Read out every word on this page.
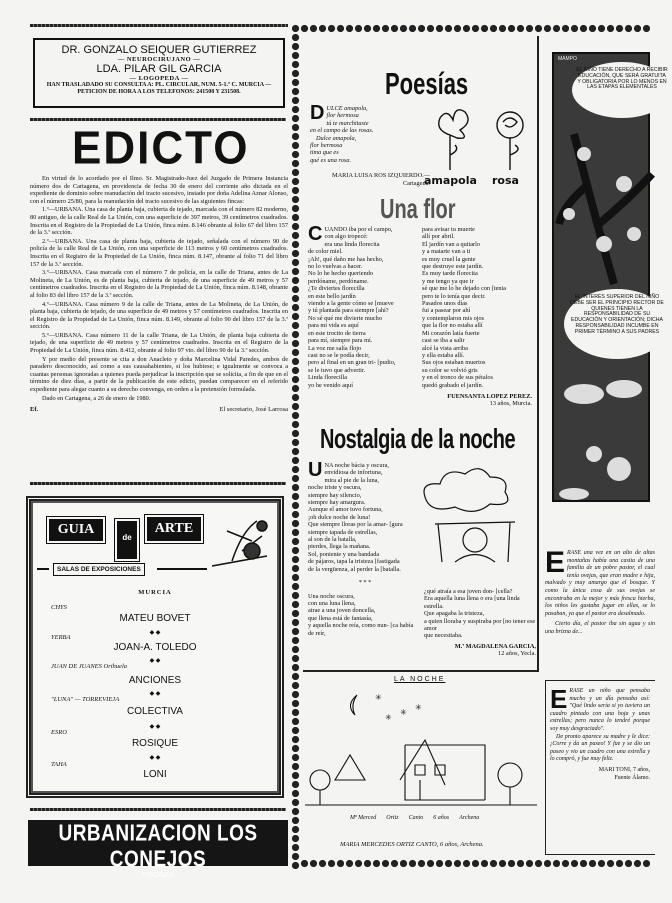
DR. GONZALO SEIQUER GUTIERREZ
— NEUROCIRUJANO —
LDA. PILAR GIL GARCIA
— LOGOPEDA —
HAN TRASLADADO SU CONSULTA A: PL. CIRCULAR, NUM. 5-1.º C. MURCIA — PETICION DE HORA A LOS TELEFONOS: 241508 Y 231508.
EDICTO

En virtud de lo acordado por el Ilmo. Sr. Magistrado-Juez del Juzgado de Primera Instancia número dos de Cartagena, en providencia de fecha 30 de enero del corriente año dictada en el expediente de dominio sobre reanudación del tracto sucesivo, instado por doña Adelina Aznar Alonso, con el número 25/80, para la reanudación del tracto sucesivo de las siguientes fincas:

1.º—URBANA. Una casa de planta baja, cubierta de tejado, marcada con el número 82 moderno, 80 antiguo, de la calle Real de La Unión, con una superficie de 397 metros, 39 centímetros cuadrados. Inscrita en el Registro de la Propiedad de La Unión, finca núm. 8.146 obrante al folio 67 del libro 157 de la 3.ª sección.

2.º—URBANA. Una casa de planta baja, cubierta de tejado, señalada con el número 90 de policía de la calle Real de La Unión, con una superficie de 113 metros y 60 centímetros cuadrados. Inscrita en el Registro de la Propiedad de La Unión, finca núm. 8.147, obrante al folio 71 del libro 157 de la 3.ª sección.

3.º—URBANA. Casa marcada con el número 7 de policía, en la calle de Triana, antes de La Molineta, de La Unión, es de planta baja, cubierta de tejado, de una superficie de 49 metros y 57 centímetros cuadrados. Inscrita en el Registro de la Propiedad de La Unión, finca núm. 8.148, obrante al folio 83 del libro 157 de la 3.ª sección.

4.º—URBANA. Casa número 9 de la calle de Triana, antes de La Molineta, de La Unión, de planta baja, cubierta de tejado, de una superficie de 49 metros y 57 centímetros cuadrados. Inscrita en el Registro de la Propiedad de La Unión, finca núm. 8.149, obrante al folio 90 del libro 157 de la 3.ª sección.

5.º—URBANA. Casa número 11 de la calle Triana, de La Unión, de planta baja cubierta de tejado, de una superficie de 49 metros y 57 centímetros cuadrados. Inscrita en el Registro de la Propiedad de La Unión, finca núm. 8.412, obrante al folio 97 vto. del libro 90 de la 3.ª sección.

Y por medio del presente se cita a don Anacleto y doña Marcelina Vidal Paredes, ambos de paradero desconocido, así como a sus causahabientes, si los hubiese; e igualmente se convoca a cuantas personas ignoradas a quienes pueda perjudicar la inscripción que se solicita, a fin de que en el término de diez días, a partir de la publicación de este edicto, puedan comparecer en el referido expediente para alegar cuanto a su derecho convenga, en orden a la pretensión formulada.

Dado en Cartagena, a 26 de enero de 1980.

Ef.	El secretario, José Larrosa
GUIA
de
ARTE
SALAS DE EXPOSICIONES
MURCIA
CHYS
MATEU BOVET
◆ ◆
YERBA
JOAN-A. TOLEDO
◆ ◆
JUAN DE JUANES Orihuela
ANCIONES
◆ ◆
"LUNA" — TORREVIEJA
COLECTIVA
◆ ◆
ESRO
ROSIQUE
◆ ◆
TAHA
LONI
URBANIZACION LOS CONEJOS
PISCINAS
Poesías
D ULCE amapola,
flor hermosa
tú te marchitaste
en el campo de las rosas.
Dulce amapola,
flor hermosa
tima que es
qué es una rosa.
MARIA LUISA ROS IZQUIERDO.—Cartagena.
amapola rosa
Una flor
C UANDO iba por el campo,
con algo tropecé:
era una linda florecita
de color miel.
¡Ah!, qué daño me has hecho,
no lo vuelvas a hacer.
No lo he hecho queriendo
perdóname, perdóname.
¿Te diviertes florecilla
en este bello jardín
viendo a la gente cómo se [mueve
y tú plantada para siempre [ahí?
No sé qué me divierte mucho
para mi vida es aquí
en este trocito de tierra
para mí, siempre para mí.
La voz me salía flojo
casi no se le podía decir,
pero al final en un gran tri- [pudio,
se le tuvo que advertir.
Linda florecilla
yo he venido aquí
para avisar tu muerte
allí por abril.
El jardín van a quitarlo
y a matarte van a ti
es muy cruel la gente
que destruye este jardín.
Es muy tarde florecita
y me tengo ya que ir
sé que me lo he dejado con [tenia
pero te lo tenía que decir.
Pasados unos días
fui a pasear por ahí
y contemplaron mis ojos
que la flor no estaba allí
Mi corazón latía fuerte
casi se iba a salir
alcé la vista arriba
y ella estaba allí.
Sus ojos estaban muertos
su color se volvió gris
y en el tronco de sus pétalos
quedó grabado el jardín.
FUENSANTA LOPEZ PEREZ.
13 años, Murcia.
Nostalgia de la noche
U NA noche bácia y oscura,
envidiosa de infortuna,
mira al pie de la luna,
noche triste y oscura,
siempre hay silencio,
siempre hay amargura.
Aunque el amor tuvo fortuna,
¡oh dulce noche de luna!
Que siempre lloras por la amar- [gura
siempre tapada de estrellas,
al son de la batalla,
pierdes, llega la mañana.
Sol, poniente y una bandada
de pájaros, tapa la tristeza [fastigada
de la vergüenza, al perder la [batalla.
* * *
Una noche oscura,
con una luna llena,
atrae a una joven doncella,
que llena está de fantasía,
y aquella noche reía, como nun- [ca había
de reír,
¿qué atraía a esa joven don- [cella?
Era aquella luna llena o era [una linda estrella.
Que apagaba la tristeza,
a quien lloraba y suspiraba por [no tener ese amor
que necesitaba.
M.ª MAGDALENA GARCIA,
12 años, Yecla.
LA NOCHE
✳
✳
✳
✳
Mª Merced Ortiz Canto 6 años Archena
MARIA MERCEDES ORTIZ CANTO, 6 años, Archena.
MAMPO
EL NIÑO TIENE DERECHO A RECIBIR EDUCACIÓN, QUE SERÁ GRATUITA Y OBLIGATORIA POR LO MENOS EN LAS ETAPAS ELEMENTALES
EL INTERÉS SUPERIOR DEL NIÑO DEBE SER EL PRINCIPIO RECTOR DE QUIENES TIENEN LA RESPONSABILIDAD DE SU EDUCACIÓN Y ORIENTACIÓN; DICHA RESPONSABILIDAD INCUMBE EN PRIMER TÉRMINO A SUS PADRES
E RASE una vez en un alto de altas montañas había una casita de una familia de un pobre pastor, el cual tenía ovejas, que eran madre e hija, malvado y muy amargo que el bosque. Y como la única cosa de sus ovejas se encontraba en la mejor y más fresca hierba, los niños les gustaba jugar en ellas, se lo pasaban, ya que el pastor era desalmado.
Cierto día, el pastor iba sin agua y sin una brizna de...
E RASE un niño que pensaba mucho y un día pensaba así: "Qué lindo sería si yo tuviera un cuadro pintado con una hoja y unas estrellas; pero nunca lo tendré porque soy muy desgraciado".
De pronto aparece su madre y le dice: ¡Corre y da un paseo! Y fue y se dio un paseo y vio un cuadro con una estrella y lo compró, y fue muy feliz.
MARI TONI, 7 años,
Fuente Álamo.
